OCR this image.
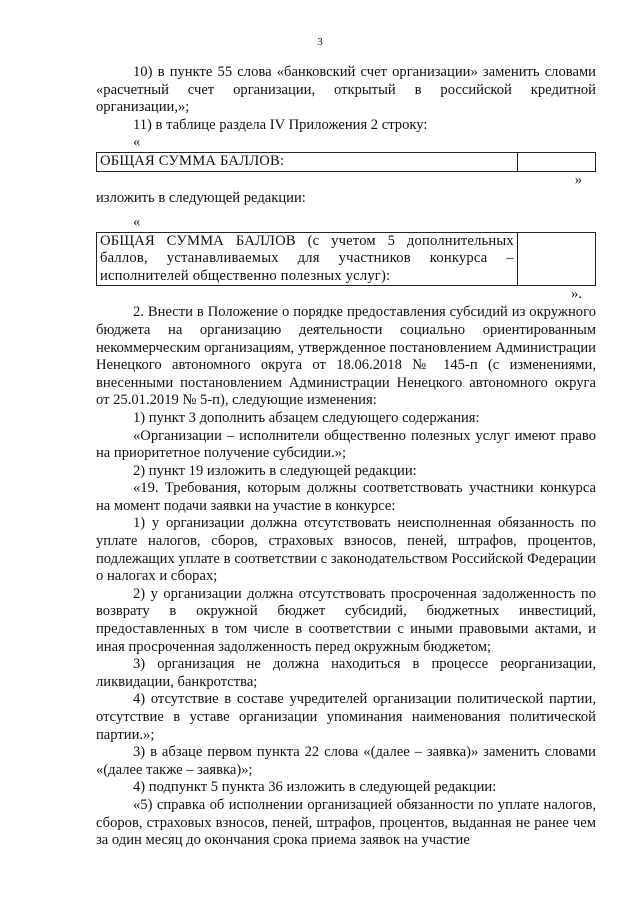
3

10) в пункте 55 слова «банковский счет организации» заменить словами «расчетный счет организации, открытый в российской кредитной организации,»;

11) в таблице раздела IV Приложения 2 строку:

«

ОБЩАЯ СУММА БАЛЛОВ:	

»

изложить в следующей редакции:

«

ОБЩАЯ СУММА БАЛЛОВ (с учетом 5 дополнительных баллов, устанавливаемых для участников конкурса – исполнителей общественно полезных услуг):	

».

2. Внести в Положение о порядке предоставления субсидий из окружного бюджета на организацию деятельности социально ориентированным некоммерческим организациям, утвержденное постановлением Администрации Ненецкого автономного округа от 18.06.2018 № 145-п (с изменениями, внесенными постановлением Администрации Ненецкого автономного округа от 25.01.2019 № 5-п), следующие изменения:

1) пункт 3 дополнить абзацем следующего содержания:

«Организации – исполнители общественно полезных услуг имеют право на приоритетное получение субсидии.»;

2) пункт 19 изложить в следующей редакции:

«19. Требования, которым должны соответствовать участники конкурса на момент подачи заявки на участие в конкурсе:

1) у организации должна отсутствовать неисполненная обязанность по уплате налогов, сборов, страховых взносов, пеней, штрафов, процентов, подлежащих уплате в соответствии с законодательством Российской Федерации о налогах и сборах;

2) у организации должна отсутствовать просроченная задолженность по возврату в окружной бюджет субсидий, бюджетных инвестиций, предоставленных в том числе в соответствии с иными правовыми актами, и иная просроченная задолженность перед окружным бюджетом;

3) организация не должна находиться в процессе реорганизации, ликвидации, банкротства;

4) отсутствие в составе учредителей организации политической партии, отсутствие в уставе организации упоминания наименования политической партии.»;

3) в абзаце первом пункта 22 слова «(далее – заявка)» заменить словами «(далее также – заявка)»;

4) подпункт 5 пункта 36 изложить в следующей редакции:

«5) справка об исполнении организацией обязанности по уплате налогов, сборов, страховых взносов, пеней, штрафов, процентов, выданная не ранее чем за один месяц до окончания срока приема заявок на участие
